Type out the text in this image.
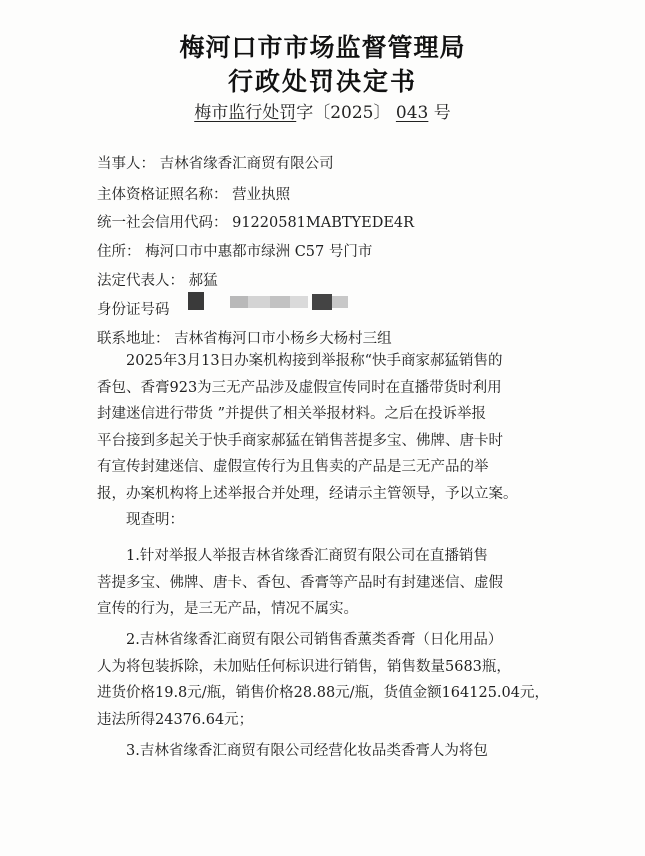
梅河口市市场监督管理局
行政处罚决定书
梅市监行处罚字〔2025〕 043 号
当事人： 吉林省缘香汇商贸有限公司
主体资格证照名称： 营业执照
统一社会信用代码： 91220581MABTYEDE4R
住所： 梅河口市中惠都市绿洲 C57 号门市
法定代表人： 郝猛
身份证号码
联系地址： 吉林省梅河口市小杨乡大杨村三组
2025年3月13日办案机构接到举报称“快手商家郝猛销售的
香包、香膏923为三无产品涉及虚假宣传同时在直播带货时利用
封建迷信进行带货 ”并提供了相关举报材料。之后在投诉举报
平台接到多起关于快手商家郝猛在销售菩提多宝、佛牌、唐卡时
有宣传封建迷信、虚假宣传行为且售卖的产品是三无产品的举
报，办案机构将上述举报合并处理，经请示主管领导，予以立案。
现查明：
1.针对举报人举报吉林省缘香汇商贸有限公司在直播销售
菩提多宝、佛牌、唐卡、香包、香膏等产品时有封建迷信、虚假
宣传的行为，是三无产品，情况不属实。
2.吉林省缘香汇商贸有限公司销售香薰类香膏（日化用品）
人为将包装拆除，未加贴任何标识进行销售，销售数量5683瓶，
进货价格19.8元/瓶，销售价格28.88元/瓶，货值金额164125.04元，
违法所得24376.64元；
3.吉林省缘香汇商贸有限公司经营化妆品类香膏人为将包
